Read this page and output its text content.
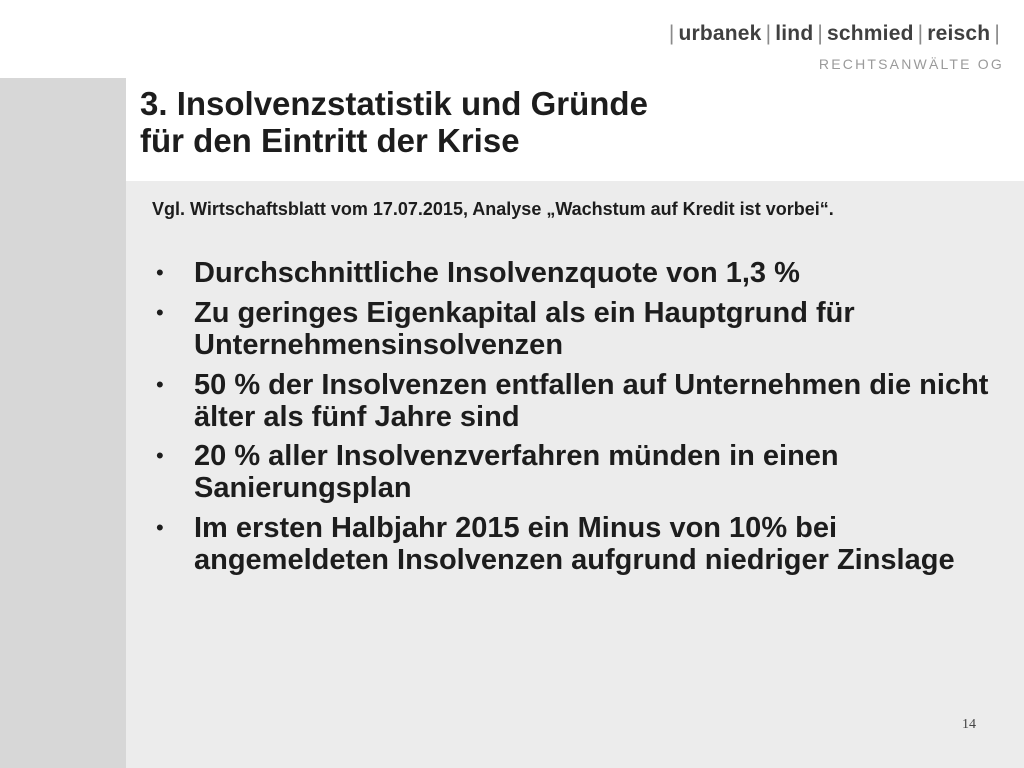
| urbanek | lind | schmied | reisch |
RECHTSANWÄLTE OG
3. Insolvenzstatistik und Gründe
für den Eintritt der Krise

Vgl. Wirtschaftsblatt vom 17.07.2015, Analyse „Wachstum auf Kredit ist vorbei“.

•	Durchschnittliche Insolvenzquote von 1,3 %
•	Zu geringes Eigenkapital als ein Hauptgrund für Unternehmensinsolvenzen
•	50 % der Insolvenzen entfallen auf Unternehmen die nicht älter als fünf Jahre sind
•	20 % aller Insolvenzverfahren münden in einen Sanierungsplan
•	Im ersten Halbjahr 2015 ein Minus von 10% bei angemeldeten Insolvenzen aufgrund niedriger Zinslage
14
